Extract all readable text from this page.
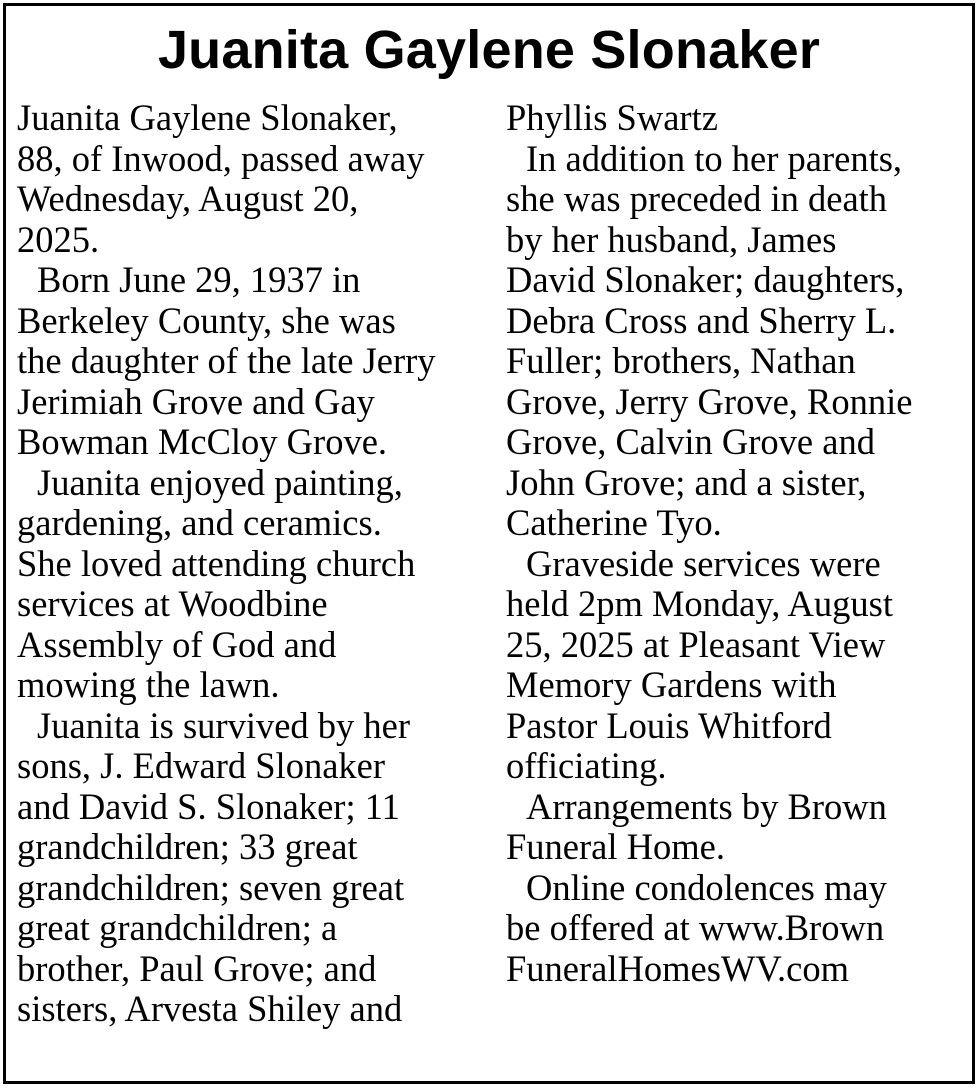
Juanita Gaylene Slonaker
Juanita Gaylene Slonaker,
88, of Inwood, passed away
Wednesday, August 20,
2025.
Born June 29, 1937 in
Berkeley County, she was
the daughter of the late Jerry
Jerimiah Grove and Gay
Bowman McCloy Grove.
Juanita enjoyed painting,
gardening, and ceramics.
She loved attending church
services at Woodbine
Assembly of God and
mowing the lawn.
Juanita is survived by her
sons, J. Edward Slonaker
and David S. Slonaker; 11
grandchildren; 33 great
grandchildren; seven great
great grandchildren; a
brother, Paul Grove; and
sisters, Arvesta Shiley and
Phyllis Swartz
In addition to her parents,
she was preceded in death
by her husband, James
David Slonaker; daughters,
Debra Cross and Sherry L.
Fuller; brothers, Nathan
Grove, Jerry Grove, Ronnie
Grove, Calvin Grove and
John Grove; and a sister,
Catherine Tyo.
Graveside services were
held 2pm Monday, August
25, 2025 at Pleasant View
Memory Gardens with
Pastor Louis Whitford
officiating.
Arrangements by Brown
Funeral Home.
Online condolences may
be offered at www.Brown
FuneralHomesWV.com
